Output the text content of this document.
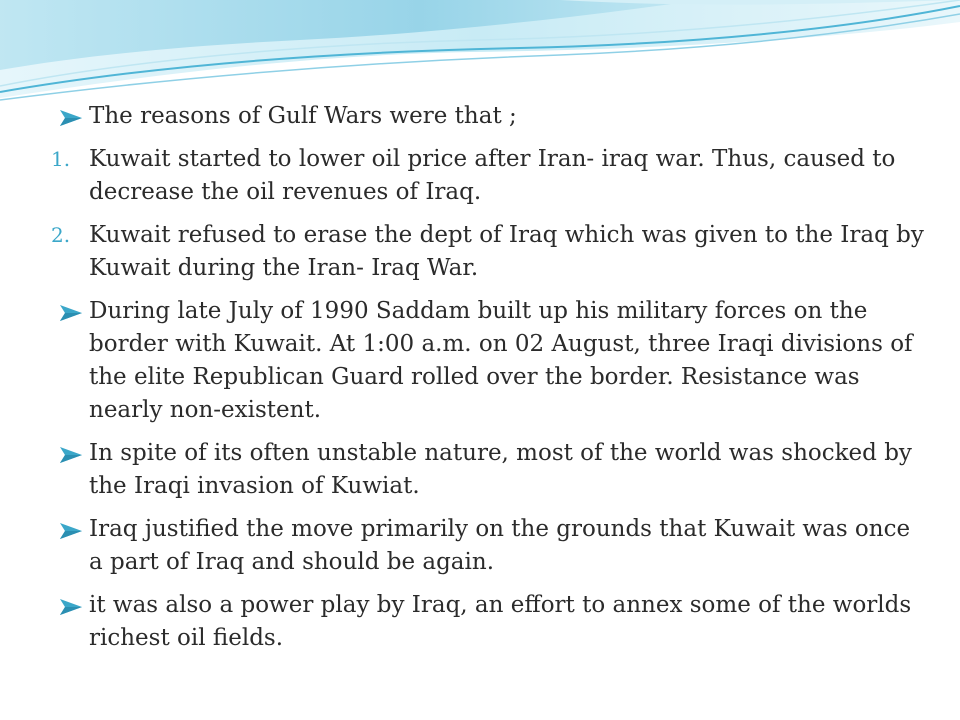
The reasons of Gulf Wars were that ;
1. Kuwait started to lower oil price after Iran- iraq war. Thus, caused to decrease the oil revenues of Iraq.
2. Kuwait refused to erase the dept of Iraq which was given to the Iraq by Kuwait during the Iran- Iraq War.
During late July of 1990 Saddam built up his military forces on the border with Kuwait. At 1:00 a.m. on 02 August, three Iraqi divisions of the elite Republican Guard rolled over the border. Resistance was nearly non-existent.
In spite of its often unstable nature, most of the world was shocked by the Iraqi invasion of Kuwiat.
Iraq justified the move primarily on the grounds that Kuwait was once a part of Iraq and should be again.
it was also a power play by Iraq, an effort to annex some of the worlds richest oil fields.
